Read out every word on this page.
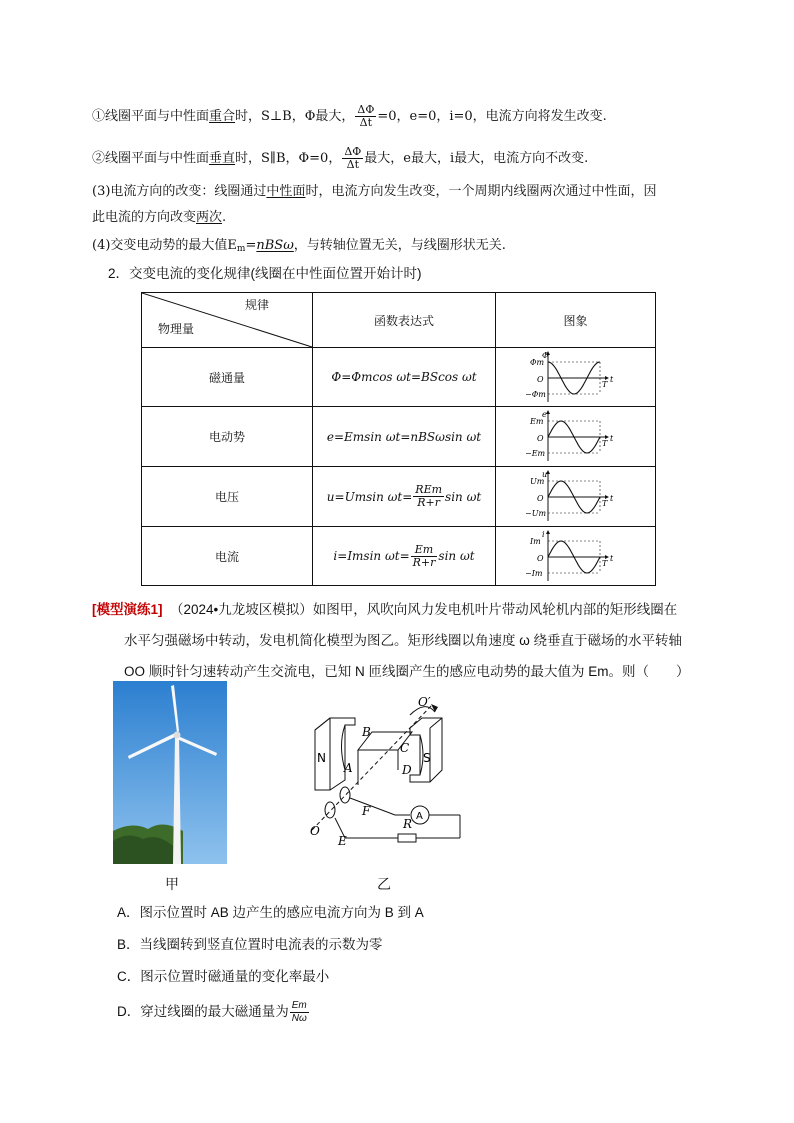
①线圈平面与中性面重合时，S⊥B，Φ最大， $\frac{\Delta\Phi}{\Delta t} =0$，e=0，i=0，电流方向将发生改变.
②线圈平面与中性面垂直时，S∥B，Φ=0， $\frac{\Delta\Phi}{\Delta t}$ 最大，e最大，i最大，电流方向不改变.
(3)电流方向的改变：线圈通过中性面时，电流方向发生改变，一个周期内线圈两次通过中性面，因
此电流的方向改变两次.
(4)交变电动势的最大值$E_m=nBS\omega$，与转轴位置无关，与线圈形状无关.
2．交变电流的变化规律(线圈在中性面位置开始计时)
规律
物理量
函数表达式	图象
磁通量	Φ=Φmcos ωt=BScos ωt
电动势	e=Emsin ωt=nBSωsin ωt
电压	u=Umsin $\omega t= \frac{\text{REm}}{R+r}$ sin ωt
电流	i=Imsin $\omega t= \frac{Em}{R+r}$ sin ωt
Φ
Φm
O
−Φm
T
t
e
Em
O
−Em
T
t
u
Um
O
−Um
T
t
i
Im
O
−Im
T
t
[模型演练1] （2024•九龙坡区模拟）如图甲，风吹向风力发电机叶片带动风轮机内部的矩形线圈在
水平匀强磁场中转动，发电机简化模型为图乙。矩形线圈以角速度 ω 绕垂直于磁场的水平转轴
OO 顺时针匀速转动产生交流电，已知 N 匝线圈产生的感应电动势的最大值为 Em。则（　　）
N	S
A
B
C
D
F
E
R
O
O′
A
甲	乙
A．图示位置时 AB 边产生的感应电流方向为 B 到 A
B．当线圈转到竖直位置时电流表的示数为零
C．图示位置时磁通量的变化率最小
D．穿过线圈的最大磁通量为 $\frac{Em}{N\omega}$
